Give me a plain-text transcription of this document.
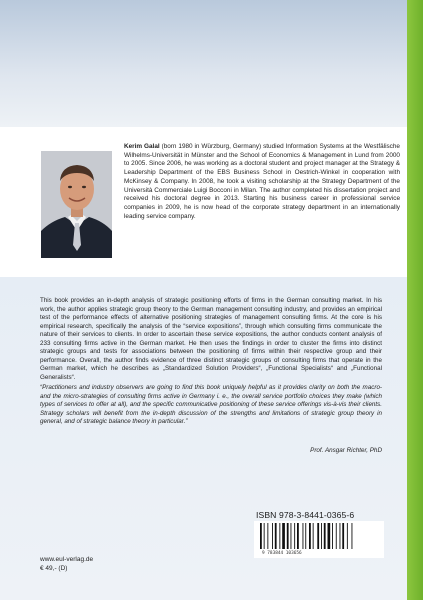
Kerim Galal (born 1980 in Würzburg, Germany) studied Information Systems at the Westfälische Wilhelms-Universität in Münster and the School of Economics & Management in Lund from 2000 to 2005. Since 2006, he was working as a doctoral student and project manager at the Strategy & Leadership Department of the EBS Business School in Oestrich-Winkel in cooperation with McKinsey & Company. In 2008, he took a visiting scholarship at the Strategy Department of the Università Commerciale Luigi Bocconi in Milan. The author completed his dissertation project and received his doctoral degree in 2013. Starting his business career in professional service companies in 2009, he is now head of the corporate strategy department in an internationally leading service company.

This book provides an in-depth analysis of strategic positioning efforts of firms in the German consulting market. In his work, the author applies strategic group theory to the German management consulting industry, and provides an empirical test of the performance effects of alternative positioning strategies of management consulting firms. At the core is his empirical research, specifically the analysis of the “service expositions”, through which consulting firms communicate the nature of their services to clients. In order to ascertain these service expositions, the author conducts content analysis of 233 consulting firms active in the German market. He then uses the findings in order to cluster the firms into distinct strategic groups and tests for associations between the positioning of firms within their respective group and their performance. Overall, the author finds evidence of three distinct strategic groups of consulting firms that operate in the German market, which he describes as „Standardized Solution Providers“, „Functional Specialists“ and „Functional Generalists“.

“Practitioners and industry observers are going to find this book uniquely helpful as it provides clarity on both the macro- and the micro-strategies of consulting firms active in Germany i. e., the overall service portfolio choices they make (which types of services to offer at all), and the specific communicative positioning of these service offerings vis-à-vis their clients. Strategy scholars will benefit from the in-depth discussion of the strengths and limitations of strategic group theory in general, and of strategic balance theory in particular.”

Prof. Ansgar Richter, PhD

ISBN 978-3-8441-0365-6

9 783844 103656

www.eul-verlag.de
€ 49,- (D)
